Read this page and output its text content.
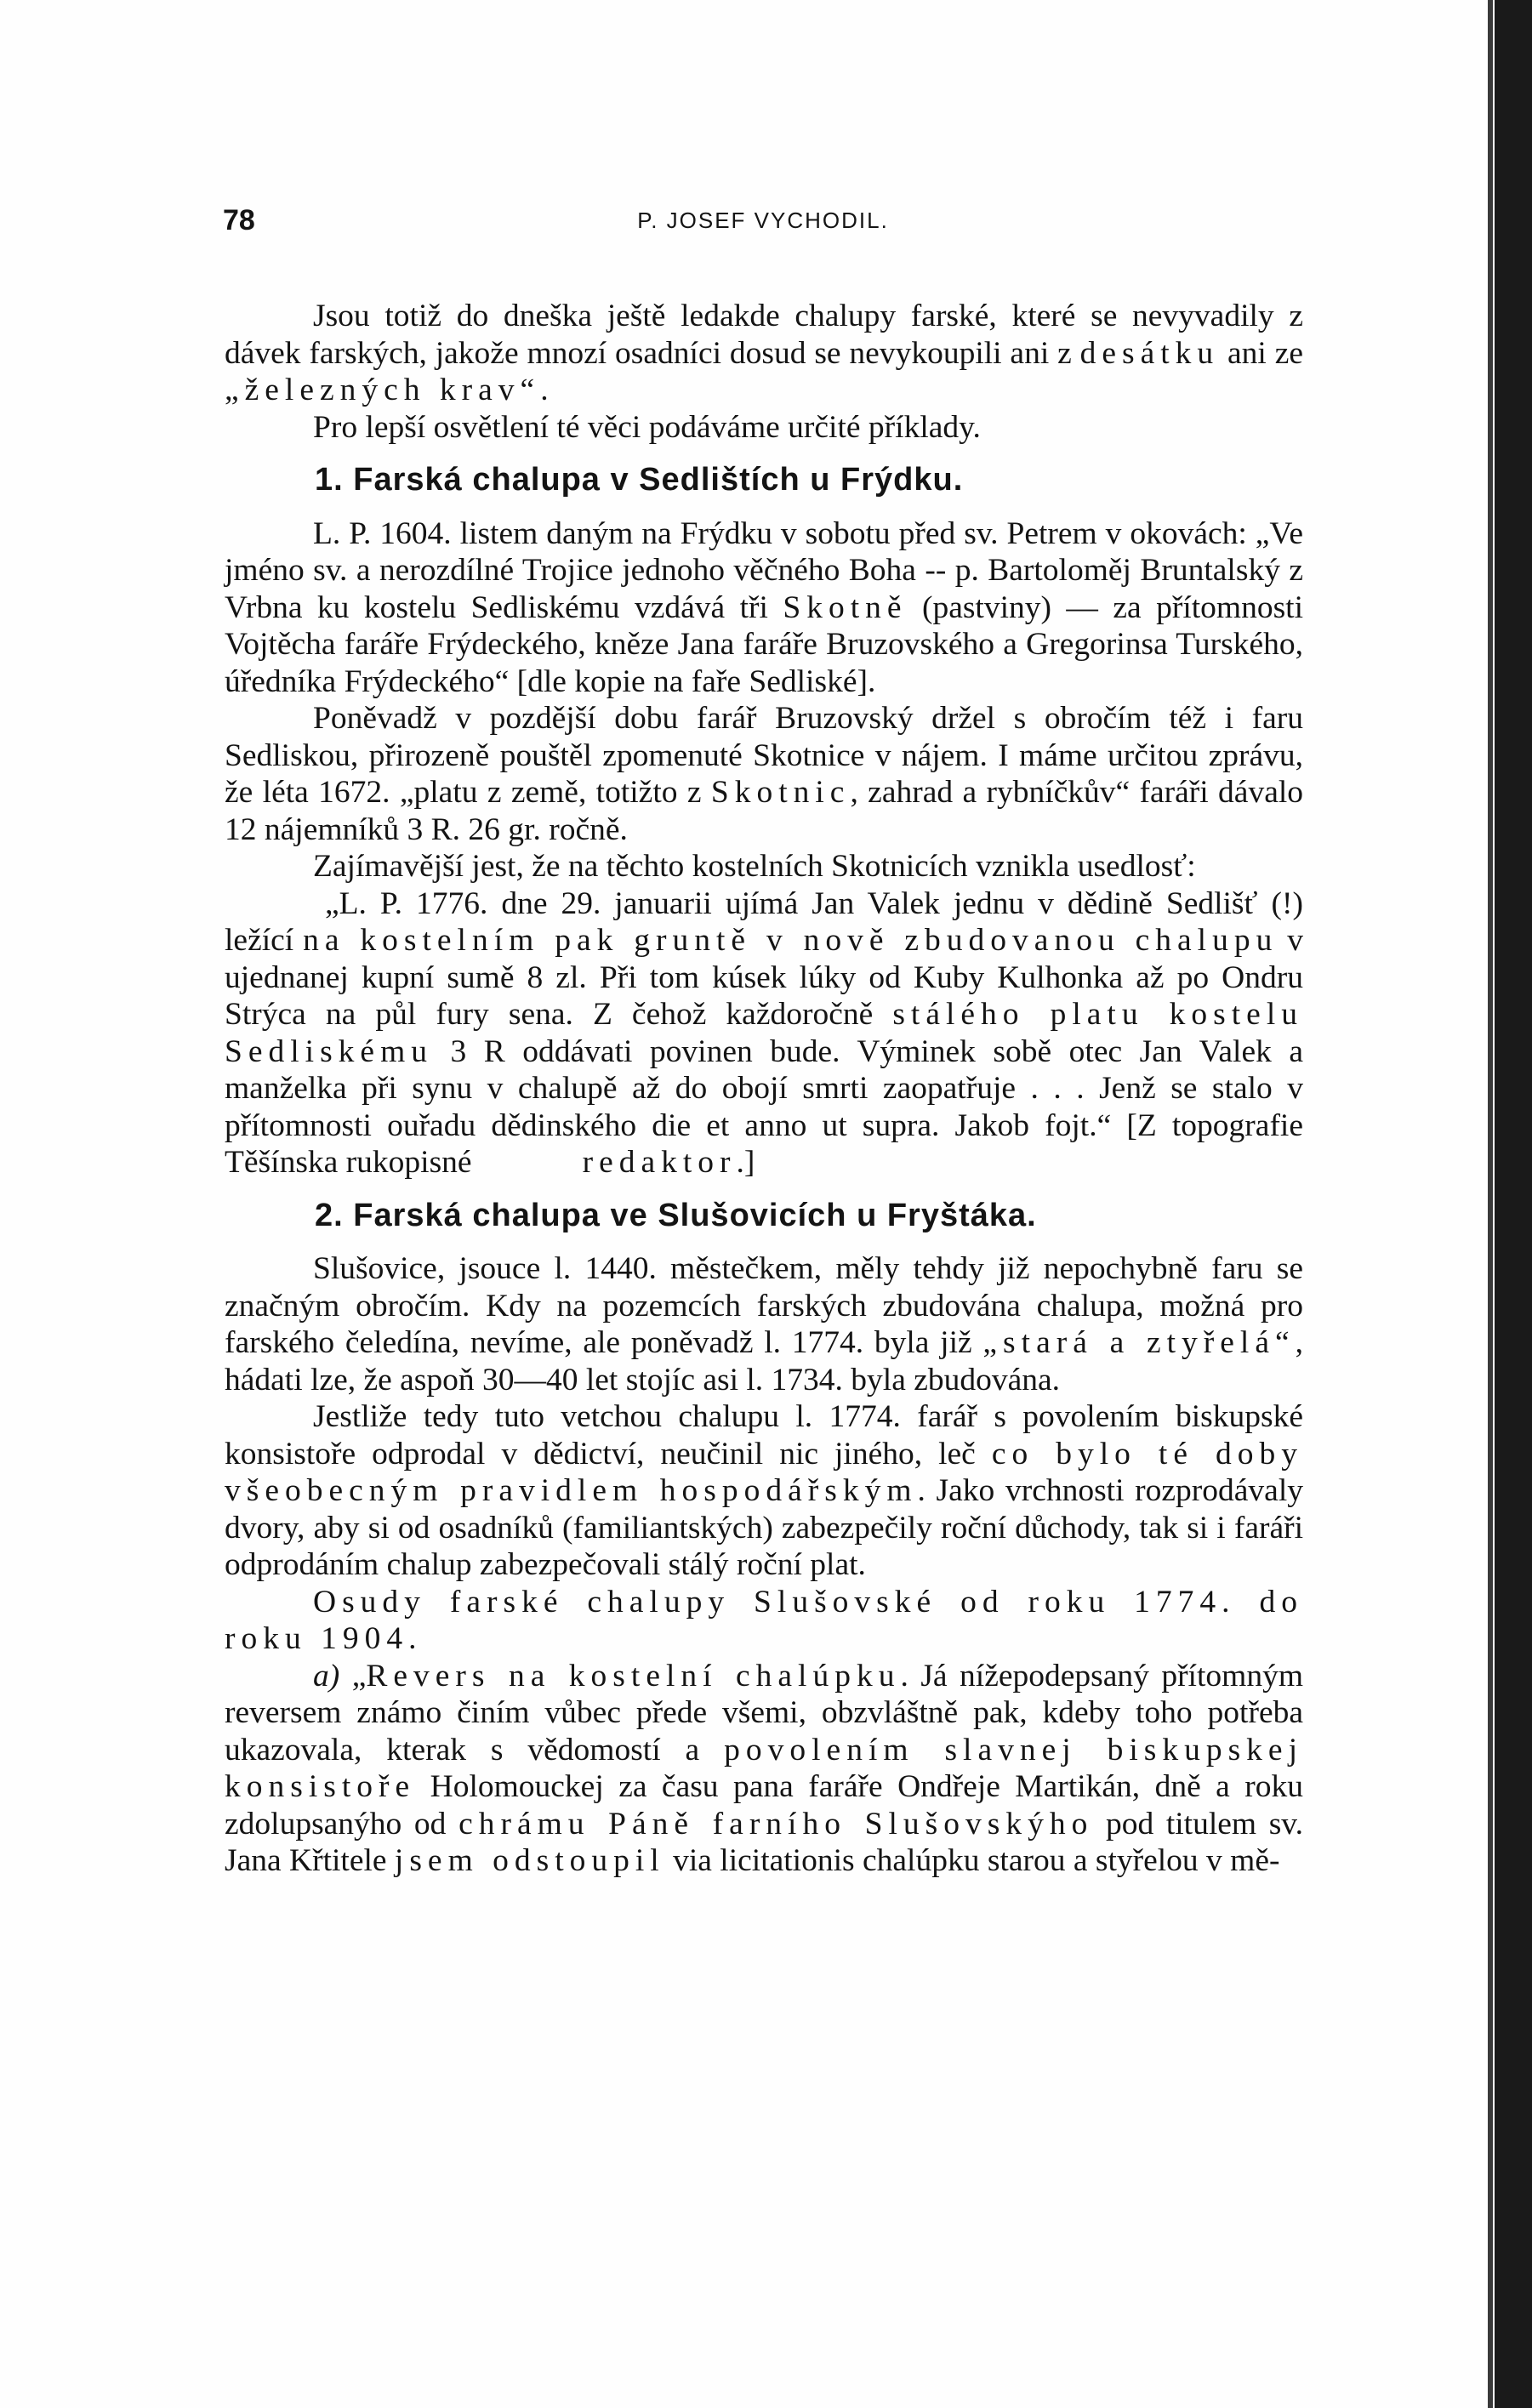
78	P. JOSEF VYCHODIL.

Jsou totiž do dneška ještě ledakde chalupy farské, které se nevyvadily z dávek farských, jakože mnozí osadníci dosud se nevykoupili ani z desátku ani ze „železných krav“.

Pro lepší osvětlení té věci podáváme určité příklady.

1. Farská chalupa v Sedlištích u Frýdku.

L. P. 1604. listem daným na Frýdku v sobotu před sv. Petrem v okovách: „Ve jméno sv. a nerozdílné Trojice jednoho věčného Boha -- p. Bartoloměj Bruntalský z Vrbna ku kostelu Sedliskému vzdává tři Skotně (pastviny) — za přítomnosti Vojtěcha faráře Frýdeckého, kněze Jana faráře Bruzovského a Gregorinsa Turského, úředníka Frýdeckého“ [dle kopie na faře Sedliské].

Poněvadž v pozdější dobu farář Bruzovský držel s obročím též i faru Sedliskou, přirozeně pouštěl zpomenuté Skotnice v nájem. I máme určitou zprávu, že léta 1672. „platu z země, totižto z Skotnic, zahrad a rybníčkův“ faráři dávalo 12 nájemníků 3 R. 26 gr. ročně.

Zajímavější jest, že na těchto kostelních Skotnicích vznikla usedlosť:

„L. P. 1776. dne 29. januarii ujímá Jan Valek jednu v dědině Sedlišť (!) ležící na kostelním pak gruntě v nově zbudovanou chalupu v ujednanej kupní sumě 8 zl. Při tom kúsek lúky od Kuby Kulhonka až po Ondru Strýca na půl fury sena. Z čehož každoročně stálého platu kostelu Sedliskému 3 R oddávati povinen bude. Výminek sobě otec Jan Valek a manželka při synu v chalupě až do obojí smrti zaopatřuje . . . Jenž se stalo v přítomnosti ouřadu dědinského die et anno ut supra. Jakob fojt.“ [Z topografie Těšínska rukopisné	redaktor.]

2. Farská chalupa ve Slušovicích u Fryštáka.

Slušovice, jsouce l. 1440. městečkem, měly tehdy již nepochybně faru se značným obročím. Kdy na pozemcích farských zbudována chalupa, možná pro farského čeledína, nevíme, ale poněvadž l. 1774. byla již „stará a ztyřelá“, hádati lze, že aspoň 30—40 let stojíc asi l. 1734. byla zbudována.

Jestliže tedy tuto vetchou chalupu l. 1774. farář s povolením biskupské konsistoře odprodal v dědictví, neučinil nic jiného, leč co bylo té doby všeobecným pravidlem hospodářským. Jako vrchnosti rozprodávaly dvory, aby si od osadníků (familiantských) zabezpečily roční důchody, tak si i faráři odprodáním chalup zabezpečovali stálý roční plat.

Osudy farské chalupy Slušovské od roku 1774. do roku 1904.

a) „Revers na kostelní chalúpku. Já nížepodepsaný přítomným reversem známo činím vůbec přede všemi, obzvláštně pak, kdeby toho potřeba ukazovala, kterak s vědomostí a povolením slavnej biskupskej konsistoře Holomouckej za času pana faráře Ondřeje Martikán, dně a roku zdolupsanýho od chrámu Páně farního Slušovskýho pod titulem sv. Jana Křtitele jsem odstoupil via licitationis chalúpku starou a styřelou v mě-
